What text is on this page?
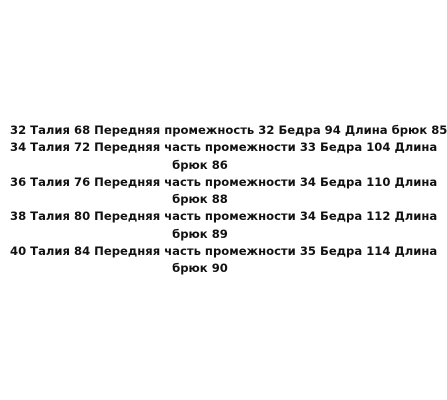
32 Талия 68 Передняя промежность 32 Бедра 94 Длина брюк 85

34 Талия 72 Передняя часть промежности 33 Бедра 104 Длина

брюк 86

36 Талия 76 Передняя часть промежности 34 Бедра 110 Длина

брюк 88

38 Талия 80 Передняя часть промежности 34 Бедра 112 Длина

брюк 89

40 Талия 84 Передняя часть промежности 35 Бедра 114 Длина

брюк 90
